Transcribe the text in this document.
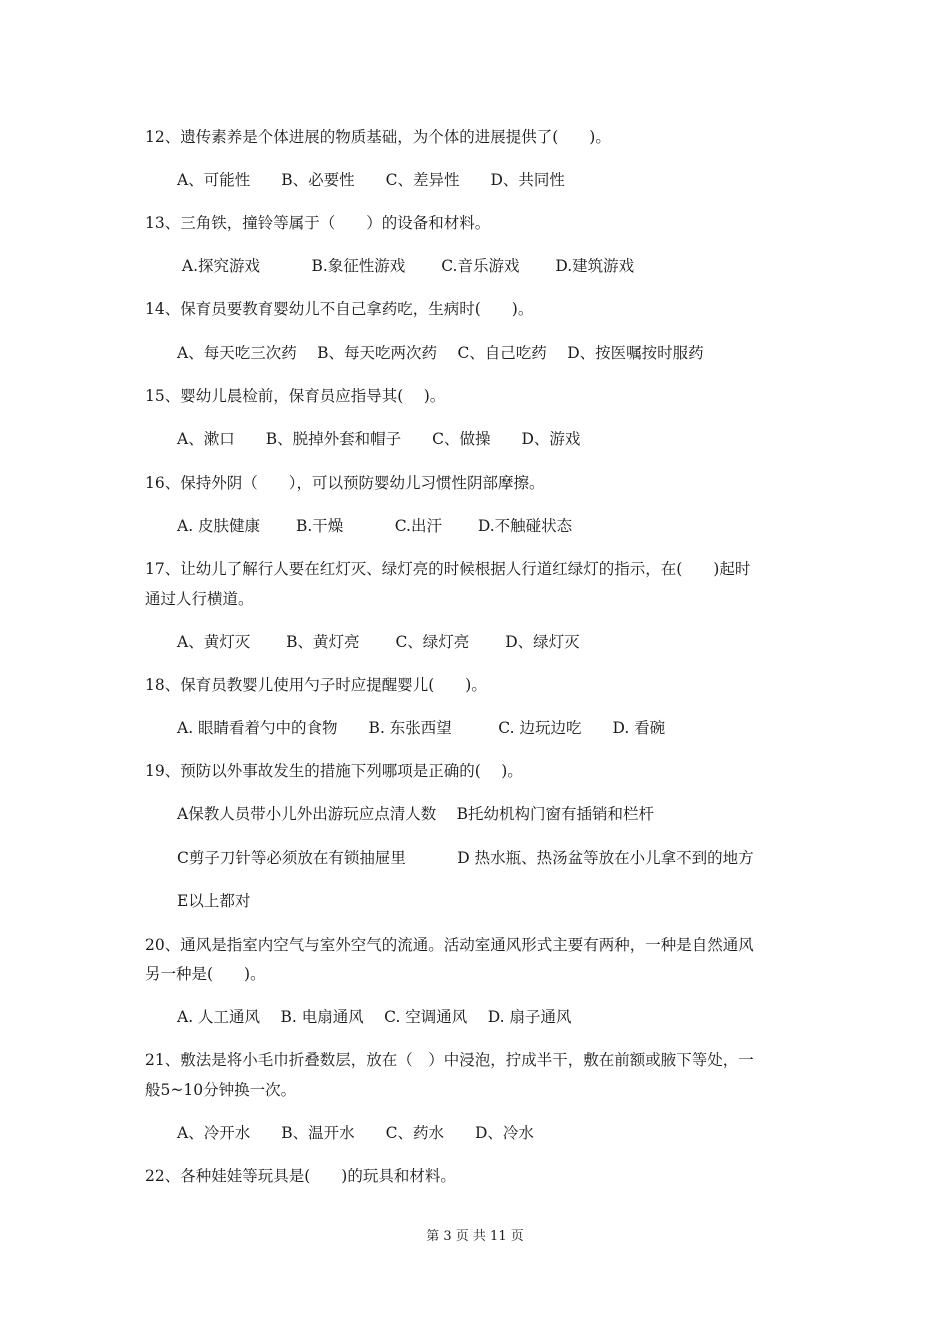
12、遗传素养是个体进展的物质基础，为个体的进展提供了(　　)。
A、可能性　　B、必要性　　C、差异性　　D、共同性
13、三角铁，撞铃等属于（　　）的设备和材料。
A.探究游戏　　　 B.象征性游戏　　 C.音乐游戏　　 D.建筑游戏
14、保育员要教育婴幼儿不自己拿药吃，生病时(　　)。
A、每天吃三次药　 B、每天吃两次药　 C、自己吃药　 D、按医嘱按时服药
15、婴幼儿晨检前，保育员应指导其(　 )。
A、漱口　　B、脱掉外套和帽子　　C、做操　　D、游戏
16、保持外阴（　　），可以预防婴幼儿习惯性阴部摩擦。
A. 皮肤健康　　 B.干燥　　　 C.出汗　　 D.不触碰状态
17、让幼儿了解行人要在红灯灭、绿灯亮的时候根据人行道红绿灯的指示，在(　　)起时
通过人行横道。
A、黄灯灭　　 B、黄灯亮　　 C、绿灯亮　　 D、绿灯灭
18、保育员教婴儿使用勺子时应提醒婴儿(　　)。
A. 眼睛看着勺中的食物　　B. 东张西望　　　C. 边玩边吃　　D. 看碗
19、预防以外事故发生的措施下列哪项是正确的(　 )。
A保教人员带小儿外出游玩应点清人数　 B托幼机构门窗有插销和栏杆
C剪子刀针等必须放在有锁抽屉里　　　 D 热水瓶、热汤盆等放在小儿拿不到的地方
E以上都对
20、通风是指室内空气与室外空气的流通。活动室通风形式主要有两种，一种是自然通风
另一种是(　　)。
A. 人工通风　 B. 电扇通风　 C. 空调通风　 D. 扇子通风
21、敷法是将小毛巾折叠数层，放在（　）中浸泡，拧成半干，敷在前额或腋下等处，一
般5~10分钟换一次。
A、冷开水　　B、温开水　　C、药水　　D、冷水
22、各种娃娃等玩具是(　　)的玩具和材料。
第 3 页 共 11 页
